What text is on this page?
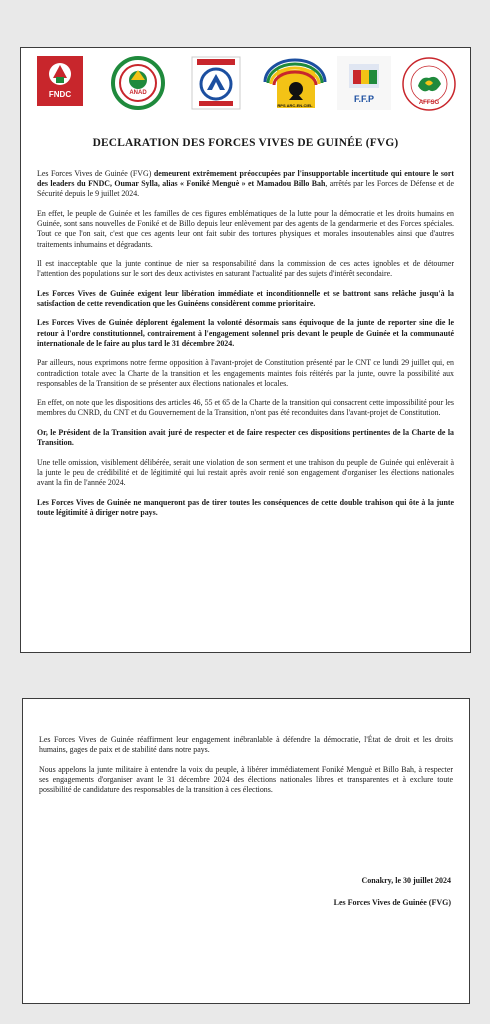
FNDC	ANAD
RPS ARC-EN-CIEL
F.F.P	AFFSG
DECLARATION DES FORCES VIVES DE GUINÉE (FVG)

Les Forces Vives de Guinée (FVG) demeurent extrêmement préoccupées par l'insupportable incertitude qui entoure le sort des leaders du FNDC, Oumar Sylla, alias « Foniké Menguè » et Mamadou Billo Bah, arrêtés par les Forces de Défense et de Sécurité depuis le 9 juillet 2024.

En effet, le peuple de Guinée et les familles de ces figures emblématiques de la lutte pour la démocratie et les droits humains en Guinée, sont sans nouvelles de Foniké et de Billo depuis leur enlèvement par des agents de la gendarmerie et des Forces spéciales. Tout ce que l'on sait, c'est que ces agents leur ont fait subir des tortures physiques et morales insoutenables ainsi que d'autres traitements inhumains et dégradants.

Il est inacceptable que la junte continue de nier sa responsabilité dans la commission de ces actes ignobles et de détourner l'attention des populations sur le sort des deux activistes en saturant l'actualité par des sujets d'intérêt secondaire.

Les Forces Vives de Guinée exigent leur libération immédiate et inconditionnelle et se battront sans relâche jusqu'à la satisfaction de cette revendication que les Guinéens considèrent comme prioritaire.

Les Forces Vives de Guinée déplorent également la volonté désormais sans équivoque de la junte de reporter sine die le retour à l'ordre constitutionnel, contrairement à l'engagement solennel pris devant le peuple de Guinée et la communauté internationale de le faire au plus tard le 31 décembre 2024.

Par ailleurs, nous exprimons notre ferme opposition à l'avant-projet de Constitution présenté par le CNT ce lundi 29 juillet qui, en contradiction totale avec la Charte de la transition et les engagements maintes fois réitérés par la junte, ouvre la possibilité aux responsables de la Transition de se présenter aux élections nationales et locales.

En effet, on note que les dispositions des articles 46, 55 et 65 de la Charte de la transition qui consacrent cette impossibilité pour les membres du CNRD, du CNT et du Gouvernement de la Transition, n'ont pas été reconduites dans l'avant-projet de Constitution.

Or, le Président de la Transition avait juré de respecter et de faire respecter ces dispositions pertinentes de la Charte de la Transition.

Une telle omission, visiblement délibérée, serait une violation de son serment et une trahison du peuple de Guinée qui enlèverait à la junte le peu de crédibilité et de légitimité qui lui restait après avoir renié son engagement d'organiser les élections nationales avant la fin de l'année 2024.

Les Forces Vives de Guinée ne manqueront pas de tirer toutes les conséquences de cette double trahison qui ôte à la junte toute légitimité à diriger notre pays.

Les Forces Vives de Guinée réaffirment leur engagement inébranlable à défendre la démocratie, l'État de droit et les droits humains, gages de paix et de stabilité dans notre pays.

Nous appelons la junte militaire à entendre la voix du peuple, à libérer immédiatement Foniké Menguè et Billo Bah, à respecter ses engagements d'organiser avant le 31 décembre 2024 des élections nationales libres et transparentes et à exclure toute possibilité de candidature des responsables de la transition à ces élections.

Conakry, le 30 juillet 2024
Les Forces Vives de Guinée (FVG)
